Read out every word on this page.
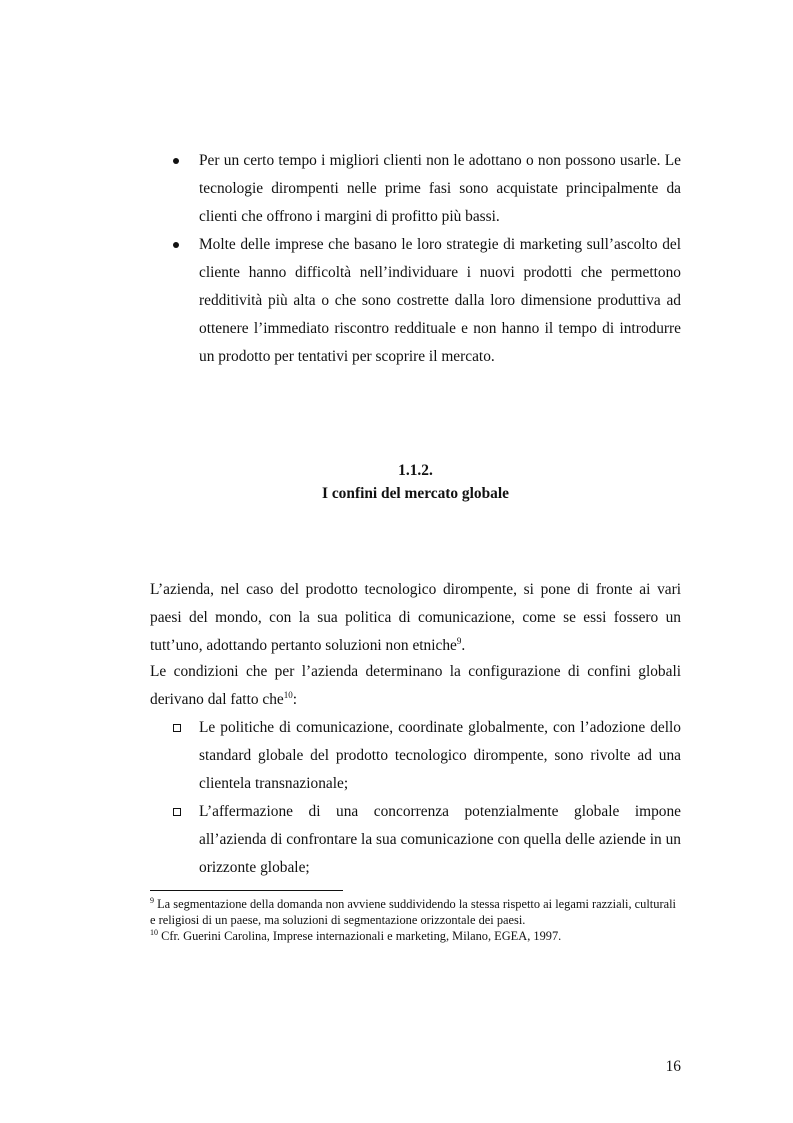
Per un certo tempo i migliori clienti non le adottano o non possono usarle. Le tecnologie dirompenti nelle prime fasi sono acquistate principalmente da clienti che offrono i margini di profitto più bassi.
Molte delle imprese che basano le loro strategie di marketing sull’ascolto del cliente hanno difficoltà nell’individuare i nuovi prodotti che permettono redditività più alta o che sono costrette dalla loro dimensione produttiva ad ottenere l’immediato riscontro reddituale e non hanno il tempo di introdurre un prodotto per tentativi per scoprire il mercato.
1.1.2.
I confini del mercato globale
L’azienda, nel caso del prodotto tecnologico dirompente, si pone di fronte ai vari paesi del mondo, con la sua politica di comunicazione, come se essi fossero un tutt’uno, adottando pertanto soluzioni non etniche$^9$.
Le condizioni che per l’azienda determinano la configurazione di confini globali derivano dal fatto che$^{10}$:
Le politiche di comunicazione, coordinate globalmente, con l’adozione dello standard globale del prodotto tecnologico dirompente, sono rivolte ad una clientela transnazionale;
L’affermazione di una concorrenza potenzialmente globale impone all’azienda di confrontare la sua comunicazione con quella delle aziende in un orizzonte globale;
$^9$ La segmentazione della domanda non avviene suddividendo la stessa rispetto ai legami razziali, culturali e religiosi di un paese, ma soluzioni di segmentazione orizzontale dei paesi.
$^{10}$ Cfr. Guerini Carolina, Imprese internazionali e marketing, Milano, EGEA, 1997.
16
